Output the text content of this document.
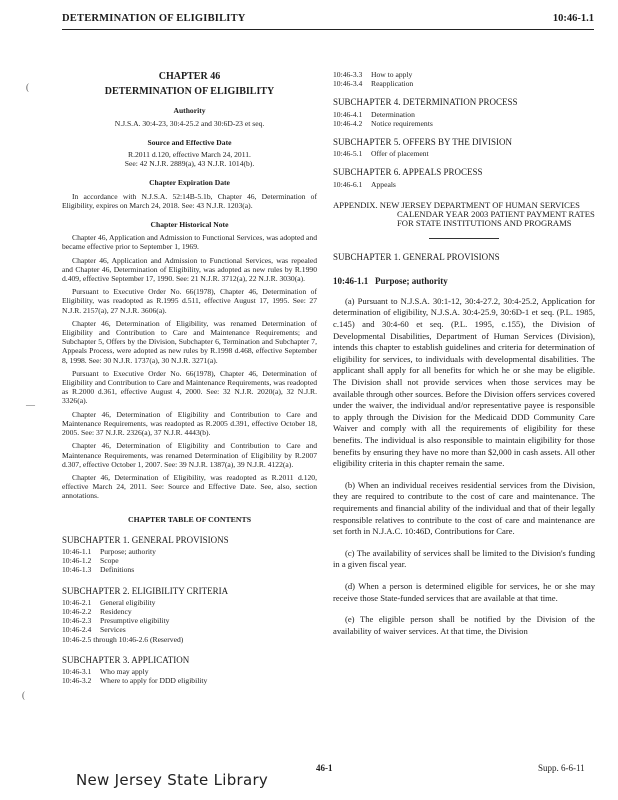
DETERMINATION OF ELIGIBILITY	10:46-1.1
(
—
(
CHAPTER 46
DETERMINATION OF ELIGIBILITY
Authority
N.J.S.A. 30:4-23, 30:4-25.2 and 30:6D-23 et seq.
Source and Effective Date
R.2011 d.120, effective March 24, 2011.
See: 42 N.J.R. 2889(a), 43 N.J.R. 1014(b).
Chapter Expiration Date

In accordance with N.J.S.A. 52:14B-5.1b, Chapter 46, Determination of Eligibility, expires on March 24, 2018. See: 43 N.J.R. 1203(a).

Chapter Historical Note

Chapter 46, Application and Admission to Functional Services, was adopted and became effective prior to September 1, 1969.

Chapter 46, Application and Admission to Functional Services, was repealed and Chapter 46, Determination of Eligibility, was adopted as new rules by R.1990 d.409, effective September 17, 1990. See: 21 N.J.R. 3712(a), 22 N.J.R. 3030(a).

Pursuant to Executive Order No. 66(1978), Chapter 46, Determination of Eligibility, was readopted as R.1995 d.511, effective August 17, 1995. See: 27 N.J.R. 2157(a), 27 N.J.R. 3606(a).

Chapter 46, Determination of Eligibility, was renamed Determination of Eligibility and Contribution to Care and Maintenance Requirements; and Subchapter 5, Offers by the Division, Subchapter 6, Termination and Subchapter 7, Appeals Process, were adopted as new rules by R.1998 d.468, effective September 8, 1998. See: 30 N.J.R. 1737(a), 30 N.J.R. 3271(a).

Pursuant to Executive Order No. 66(1978), Chapter 46, Determination of Eligibility and Contribution to Care and Maintenance Requirements, was readopted as R.2000 d.361, effective August 4, 2000. See: 32 N.J.R. 2020(a), 32 N.J.R. 3326(a).

Chapter 46, Determination of Eligibility and Contribution to Care and Maintenance Requirements, was readopted as R.2005 d.391, effective October 18, 2005. See: 37 N.J.R. 2326(a), 37 N.J.R. 4443(b).

Chapter 46, Determination of Eligibility and Contribution to Care and Maintenance Requirements, was renamed Determination of Eligibility by R.2007 d.307, effective October 1, 2007. See: 39 N.J.R. 1387(a), 39 N.J.R. 4122(a).

Chapter 46, Determination of Eligibility, was readopted as R.2011 d.120, effective March 24, 2011. See: Source and Effective Date. See, also, section annotations.

CHAPTER TABLE OF CONTENTS
SUBCHAPTER 1. GENERAL PROVISIONS
10:46-1.1 Purpose; authority
10:46-1.2 Scope
10:46-1.3 Definitions
SUBCHAPTER 2. ELIGIBILITY CRITERIA
10:46-2.1 General eligibility
10:46-2.2 Residency
10:46-2.3 Presumptive eligibility
10:46-2.4 Services
10:46-2.5 through 10:46-2.6 (Reserved)
SUBCHAPTER 3. APPLICATION
10:46-3.1 Who may apply
10:46-3.2 Where to apply for DDD eligibility
10:46-3.3 How to apply
10:46-3.4 Reapplication
SUBCHAPTER 4. DETERMINATION PROCESS
10:46-4.1 Determination
10:46-4.2 Notice requirements
SUBCHAPTER 5. OFFERS BY THE DIVISION
10:46-5.1 Offer of placement
SUBCHAPTER 6. APPEALS PROCESS
10:46-6.1 Appeals
APPENDIX. NEW JERSEY DEPARTMENT OF HUMAN SERVICES CALENDAR YEAR 2003 PATIENT PAYMENT RATES FOR STATE INSTITUTIONS AND PROGRAMS
SUBCHAPTER 1. GENERAL PROVISIONS
10:46-1.1 Purpose; authority

(a) Pursuant to N.J.S.A. 30:1-12, 30:4-27.2, 30:4-25.2, Application for determination of eligibility, N.J.S.A. 30:4-25.9, 30:6D-1 et seq. (P.L. 1985, c.145) and 30:4-60 et seq. (P.L. 1995, c.155), the Division of Developmental Disabilities, Department of Human Services (Division), intends this chapter to establish guidelines and criteria for determination of eligibility for services, to individuals with developmental disabilities. The applicant shall apply for all benefits for which he or she may be eligible. The Division shall not provide services when those services may be available through other sources. Before the Division offers services covered under the waiver, the individual and/or representative payee is responsible to apply through the Division for the Medicaid DDD Community Care Waiver and comply with all the requirements of eligibility for these benefits. The individual is also responsible to maintain eligibility for those benefits by ensuring they have no more than $2,000 in cash assets. All other eligibility criteria in this chapter remain the same.

(b) When an individual receives residential services from the Division, they are required to contribute to the cost of care and maintenance. The requirements and financial ability of the individual and that of their legally responsible relatives to contribute to the cost of care and maintenance are set forth in N.J.A.C. 10:46D, Contributions for Care.

(c) The availability of services shall be limited to the Division's funding in a given fiscal year.

(d) When a person is determined eligible for services, he or she may receive those State-funded services that are available at that time.

(e) The eligible person shall be notified by the Division of the availability of waiver services. At that time, the Division

New Jersey State Library
46-1	Supp. 6-6-11
